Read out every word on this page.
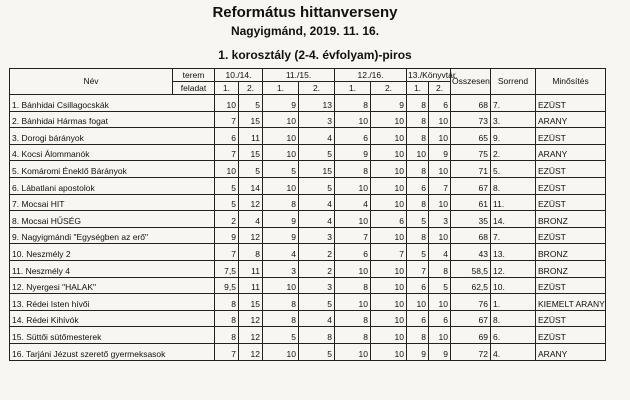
Református hittanverseny
Nagyigmánd, 2019. 11. 16.
1. korosztály (2-4. évfolyam)-piros
Név	terem	10./14.		11./15.		12./16.		13./Könyvtár		Összesen	Sorrend	Minősítés
	feladat	1.	2.	1.	2.	1.	2.	1.	2.			
1. Bánhidai Csillagocskák		10	5	9	13	8	9	8	6	68	7.	EZÜST
2. Bánhidai Hármas fogat		7	15	10	3	10	10	8	10	73	3.	ARANY
3. Dorogi bárányok		6	11	10	4	6	10	8	10	65	9.	EZÜST
4. Kocsi Álommanók		7	15	10	5	9	10	10	9	75	2.	ARANY
5. Komáromi Éneklő Bárányok		10	5	5	15	8	10	8	10	71	5.	EZÜST
6. Lábatlani apostolok		5	14	10	5	10	10	6	7	67	8.	EZÜST
7. Mocsai HIT		5	12	8	4	4	10	8	10	61	11.	EZÜST
8. Mocsai HŰSÉG		2	4	9	4	10	6	5	3	35	14.	BRONZ
9. Nagyigmándi "Egységben az erő"		9	12	9	3	7	10	8	10	68	7.	EZÜST
10. Neszmély 2		7	8	4	2	6	7	5	4	43	13.	BRONZ
11. Neszmély 4		7,5	11	3	2	10	10	7	8	58,5	12.	BRONZ
12. Nyergesi "HALAK"		9,5	11	10	3	8	10	6	5	62,5	10.	EZÜST
13. Rédei Isten hívői		8	15	8	5	10	10	10	10	76	1.	KIEMELT ARANY
14. Rédei Kihívók		8	12	8	4	8	10	6	6	67	8.	EZÜST
15. Süttői sütőmesterek		8	12	5	8	8	10	8	10	69	6.	EZÜST
16. Tarjáni Jézust szerető gyermeksasok		7	12	10	5	10	10	9	9	72	4.	ARANY
